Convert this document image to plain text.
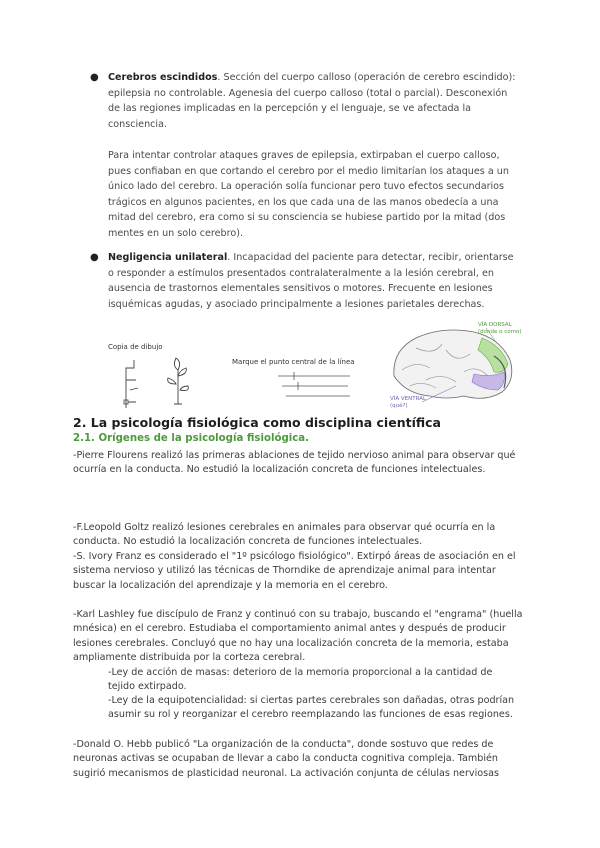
● Cerebros escindidos. Sección del cuerpo calloso (operación de cerebro escindido): epilepsia no controlable. Agenesia del cuerpo calloso (total o parcial). Desconexión de las regiones implicadas en la percepción y el lenguaje, se ve afectada la consciencia.
Para intentar controlar ataques graves de epilepsia, extirpaban el cuerpo calloso, pues confiaban en que cortando el cerebro por el medio limitarían los ataques a un único lado del cerebro. La operación solía funcionar pero tuvo efectos secundarios trágicos en algunos pacientes, en los que cada una de las manos obedecía a una mitad del cerebro, era como si su consciencia se hubiese partido por la mitad (dos mentes en un solo cerebro).
● Negligencia unilateral. Incapacidad del paciente para detectar, recibir, orientarse o responder a estímulos presentados contralateralmente a la lesión cerebral, en ausencia de trastornos elementales sensitivos o motores. Frecuente en lesiones isquémicas agudas, y asociado principalmente a lesiones parietales derechas.
Copia de dibujo
Marque el punto central de la línea
VÍA DORSAL (donde o cómo)
VÍA VENTRAL (qué?)
2. La psicología fisiológica como disciplina científica
2.1. Orígenes de la psicología fisiológica.
-Pierre Flourens realizó las primeras ablaciones de tejido nervioso animal para observar qué ocurría en la conducta. No estudió la localización concreta de funciones intelectuales.
-F.Leopold Goltz realizó lesiones cerebrales en animales para observar qué ocurría en la conducta. No estudió la localización concreta de funciones intelectuales.
-S. Ivory Franz es considerado el "1º psicólogo fisiológico". Extirpó áreas de asociación en el sistema nervioso y utilizó las técnicas de Thorndike de aprendizaje animal para intentar buscar la localización del aprendizaje y la memoria en el cerebro.
-Karl Lashley fue discípulo de Franz y continuó con su trabajo, buscando el "engrama" (huella mnésica) en el cerebro. Estudiaba el comportamiento animal antes y después de producir lesiones cerebrales. Concluyó que no hay una localización concreta de la memoria, estaba ampliamente distribuida por la corteza cerebral.
-Ley de acción de masas: deterioro de la memoria proporcional a la cantidad de tejido extirpado.
-Ley de la equipotencialidad: si ciertas partes cerebrales son dañadas, otras podrían asumir su rol y reorganizar el cerebro reemplazando las funciones de esas regiones.
-Donald O. Hebb publicó "La organización de la conducta", donde sostuvo que redes de neuronas activas se ocupaban de llevar a cabo la conducta cognitiva compleja. También sugirió mecanismos de plasticidad neuronal. La activación conjunta de células nerviosas
